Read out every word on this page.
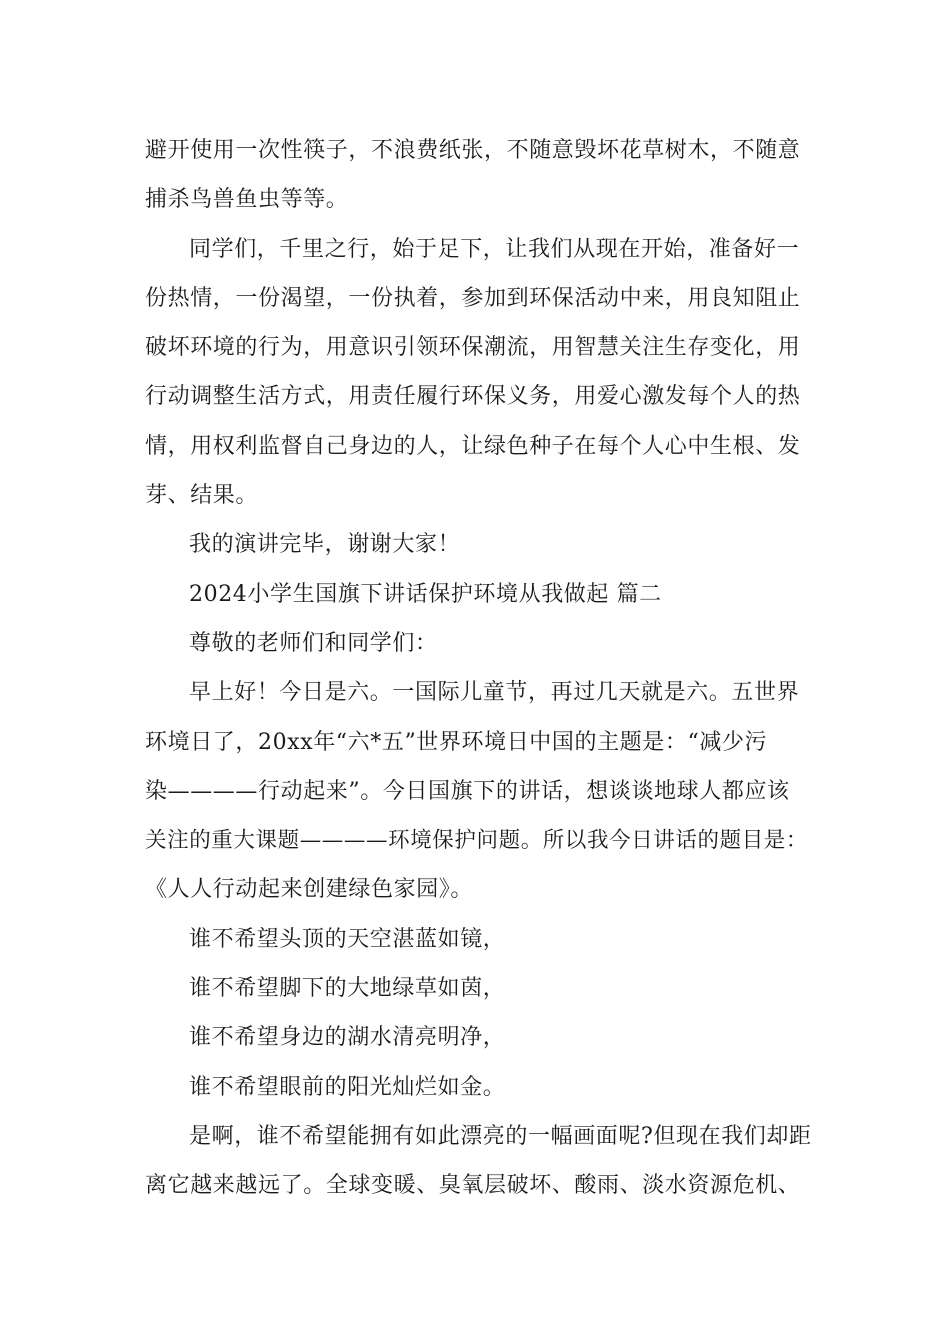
避开使用一次性筷子，不浪费纸张，不随意毁坏花草树木，不随意
捕杀鸟兽鱼虫等等。

同学们，千里之行，始于足下，让我们从现在开始，准备好一
份热情，一份渴望，一份执着，参加到环保活动中来，用良知阻止
破坏环境的行为，用意识引领环保潮流，用智慧关注生存变化，用
行动调整生活方式，用责任履行环保义务，用爱心激发每个人的热
情，用权利监督自己身边的人，让绿色种子在每个人心中生根、发
芽、结果。

我的演讲完毕，谢谢大家！

2024小学生国旗下讲话保护环境从我做起 篇二

尊敬的老师们和同学们：

早上好！今日是六。一国际儿童节，再过几天就是六。五世界
环境日了，20xx年“六*五”世界环境日中国的主题是：“减少污
染————行动起来”。今日国旗下的讲话，想谈谈地球人都应该
关注的重大课题————环境保护问题。所以我今日讲话的题目是：
《人人行动起来创建绿色家园》。

谁不希望头顶的天空湛蓝如镜，

谁不希望脚下的大地绿草如茵，

谁不希望身边的湖水清亮明净，

谁不希望眼前的阳光灿烂如金。

是啊，谁不希望能拥有如此漂亮的一幅画面呢?但现在我们却距
离它越来越远了。全球变暖、臭氧层破坏、酸雨、淡水资源危机、
